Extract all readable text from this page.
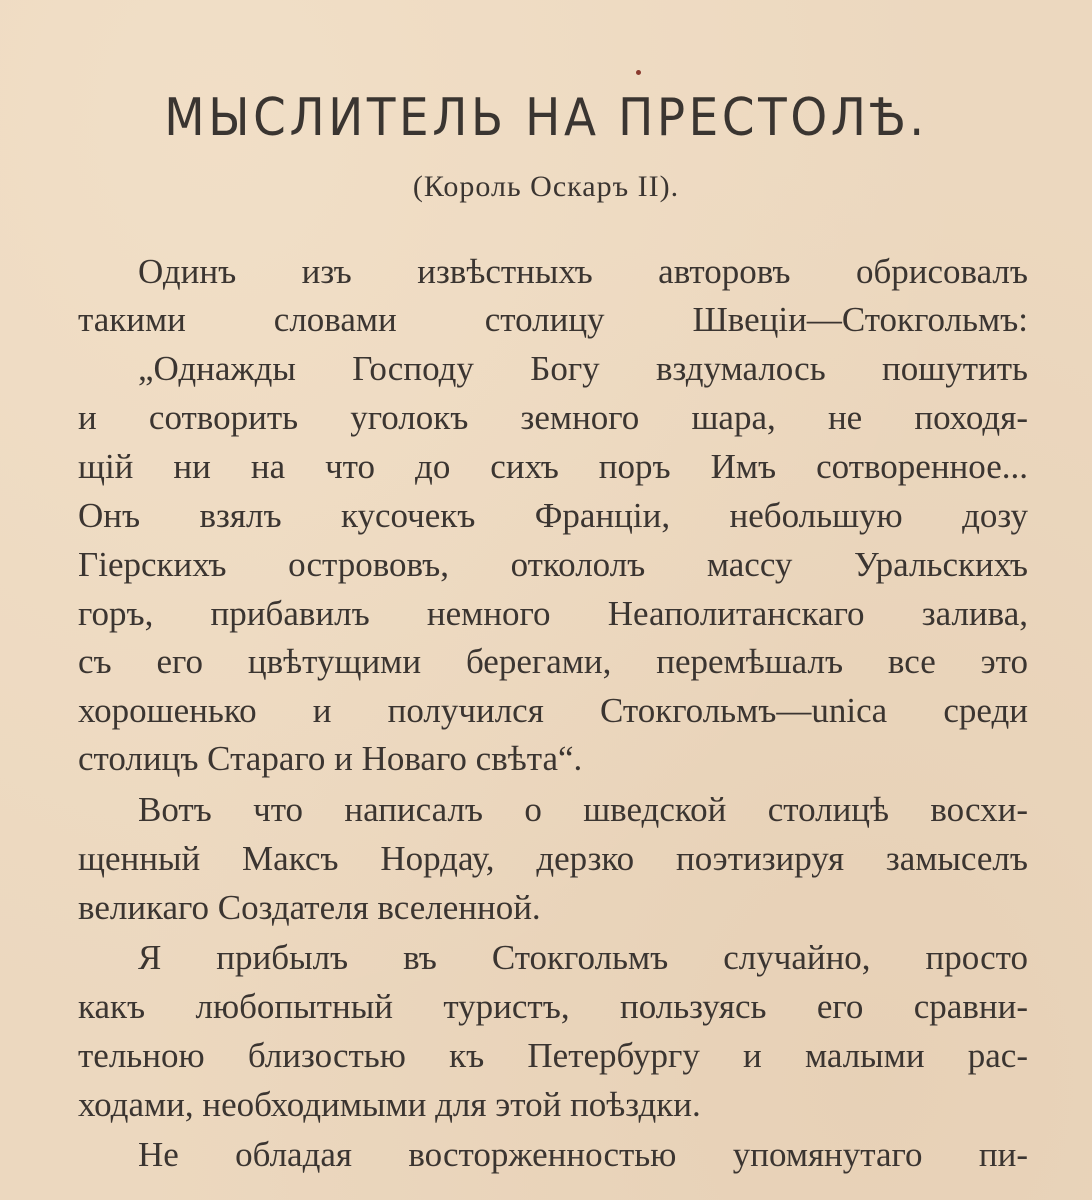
МЫСЛИТЕЛЬ НА ПРЕСТОЛѢ.

(Король Оскаръ II).

Одинъ изъ извѣстныхъ авторовъ обрисовалъ
такими словами столицу Швеціи—Стокгольмъ:
„Однажды Господу Богу вздумалось пошутить
и сотворить уголокъ земного шара, не походя-
щій ни на что до сихъ поръ Имъ сотворенное...
Онъ взялъ кусочекъ Франціи, небольшую дозу
Гіерскихъ острововъ, откололъ массу Уральскихъ
горъ, прибавилъ немного Неаполитанскаго залива,
съ его цвѣтущими берегами, перемѣшалъ все это
хорошенько и получился Стокгольмъ—unica среди
столицъ Стараго и Новаго свѣта“.
Вотъ что написалъ о шведской столицѣ восхи-
щенный Максъ Нордау, дерзко поэтизируя замыселъ
великаго Создателя вселенной.
Я прибылъ въ Стокгольмъ случайно, просто
какъ любопытный туристъ, пользуясь его сравни-
тельною близостью къ Петербургу и малыми рас-
ходами, необходимыми для этой поѣздки.
Не обладая восторженностью упомянутаго пи-
